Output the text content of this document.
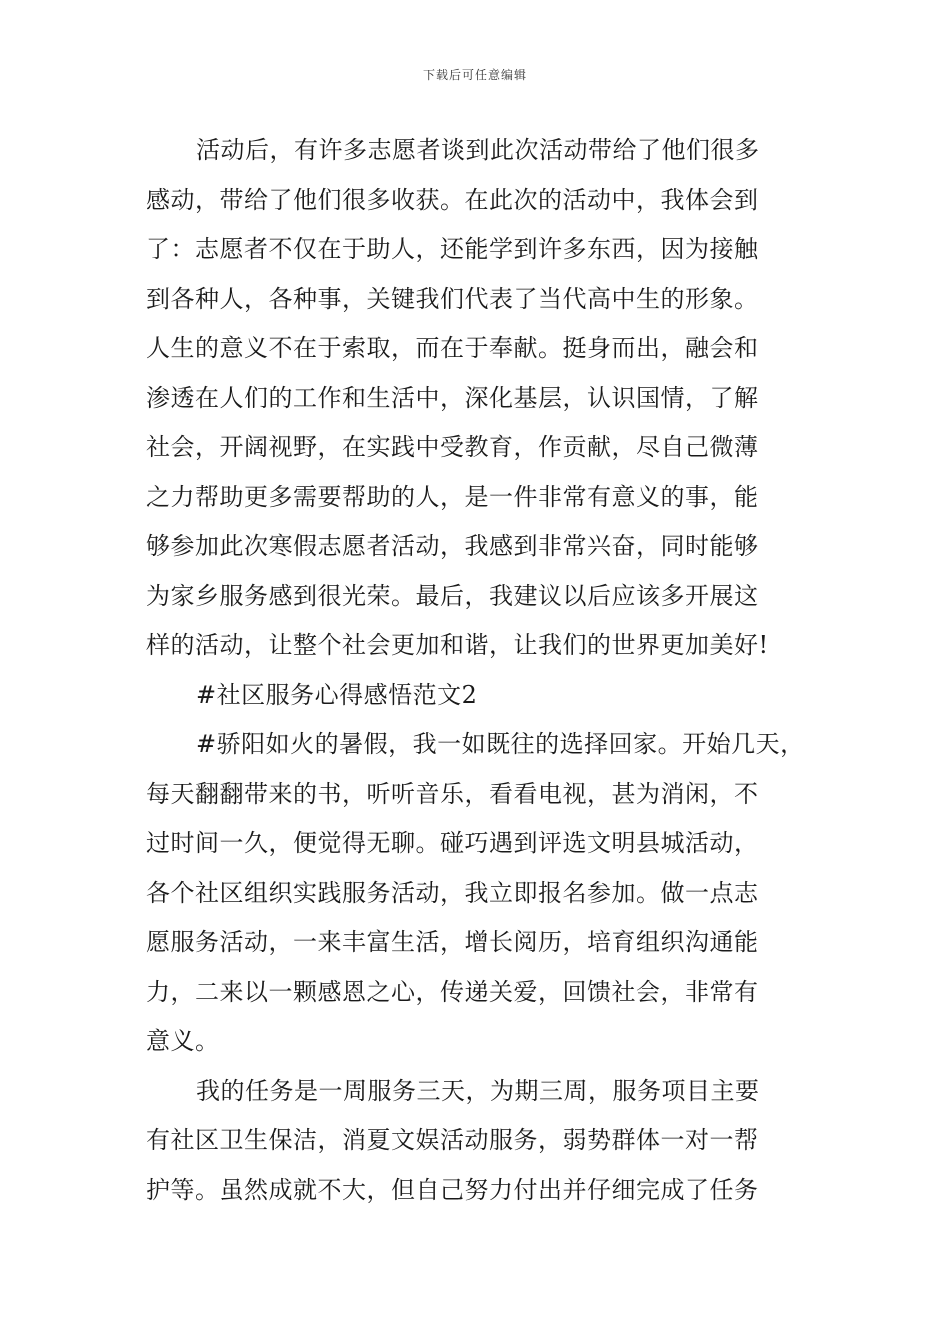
下载后可任意编辑
活动后，有许多志愿者谈到此次活动带给了他们很多
感动，带给了他们很多收获。在此次的活动中，我体会到
了：志愿者不仅在于助人，还能学到许多东西，因为接触
到各种人，各种事，关键我们代表了当代高中生的形象。
人生的意义不在于索取，而在于奉献。挺身而出，融会和
渗透在人们的工作和生活中，深化基层，认识国情，了解
社会，开阔视野，在实践中受教育，作贡献，尽自己微薄
之力帮助更多需要帮助的人，是一件非常有意义的事，能
够参加此次寒假志愿者活动，我感到非常兴奋，同时能够
为家乡服务感到很光荣。最后，我建议以后应该多开展这
样的活动，让整个社会更加和谐，让我们的世界更加美好!
#社区服务心得感悟范文2
#骄阳如火的暑假，我一如既往的选择回家。开始几天，
每天翻翻带来的书，听听音乐，看看电视，甚为消闲，不
过时间一久，便觉得无聊。碰巧遇到评选文明县城活动，
各个社区组织实践服务活动，我立即报名参加。做一点志
愿服务活动，一来丰富生活，增长阅历，培育组织沟通能
力，二来以一颗感恩之心，传递关爱，回馈社会，非常有
意义。
我的任务是一周服务三天，为期三周，服务项目主要
有社区卫生保洁，消夏文娱活动服务，弱势群体一对一帮
护等。虽然成就不大，但自己努力付出并仔细完成了任务
